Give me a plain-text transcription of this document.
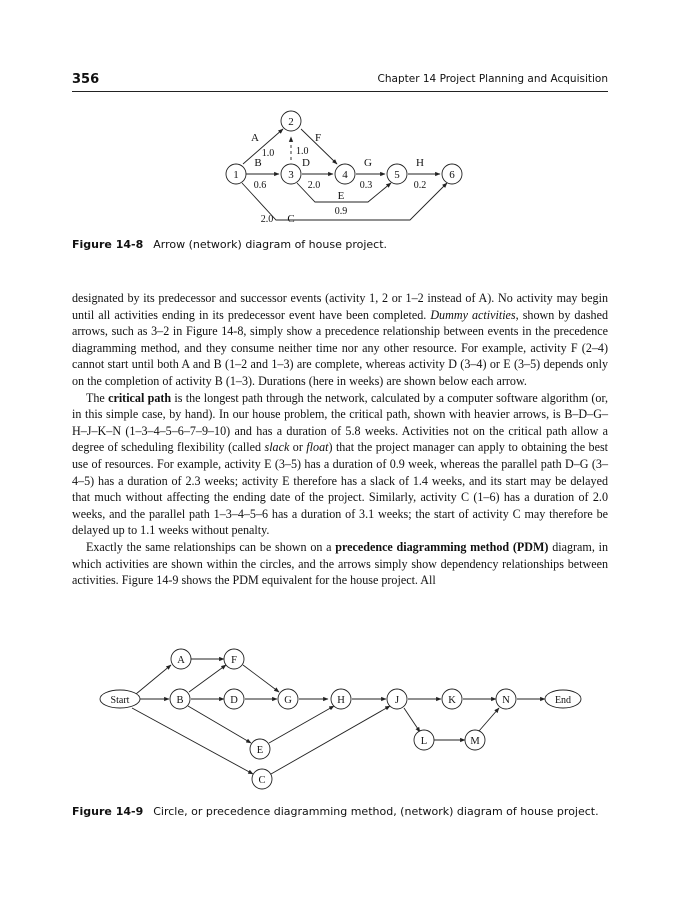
356	Chapter 14 Project Planning and Acquisition
2
1	3	4	5	6
A
1.0 1.0
F
B
0.6
D
2.0
G
0.3
H
0.2
E
0.9
2.0 C
Figure 14-8 Arrow (network) diagram of house project.

designated by its predecessor and successor events (activity 1, 2 or 1–2 instead of A). No activity may begin until all activities ending in its predecessor event have been completed. Dummy activities, shown by dashed arrows, such as 3–2 in Figure 14-8, simply show a precedence relationship between events in the precedence diagramming method, and they consume neither time nor any other resource. For example, activity F (2–4) cannot start until both A and B (1–2 and 1–3) are complete, whereas activity D (3–4) or E (3–5) depends only on the completion of activity B (1–3). Durations (here in weeks) are shown below each arrow.

The critical path is the longest path through the network, calculated by a computer software algorithm (or, in this simple case, by hand). In our house problem, the critical path, shown with heavier arrows, is B–D–G–H–J–K–N (1–3–4–5–6–7–9–10) and has a duration of 5.8 weeks. Activities not on the critical path allow a degree of scheduling flexibility (called slack or float) that the project manager can apply to obtaining the best use of resources. For example, activity E (3–5) has a duration of 0.9 week, whereas the parallel path D–G (3–4–5) has a duration of 2.3 weeks; activity E therefore has a slack of 1.4 weeks, and its start may be delayed that much without affecting the ending date of the project. Similarly, activity C (1–6) has a duration of 2.0 weeks, and the parallel path 1–3–4–5–6 has a duration of 3.1 weeks; the start of activity C may therefore be delayed up to 1.1 weeks without penalty.

Exactly the same relationships can be shown on a precedence diagramming method (PDM) diagram, in which activities are shown within the circles, and the arrows simply show dependency relationships between activities. Figure 14-9 shows the PDM equivalent for the house project. All

Start
A	F
B	D	G	H	J	K	N	End
E
C
L	M
Figure 14-9 Circle, or precedence diagramming method, (network) diagram of house project.
